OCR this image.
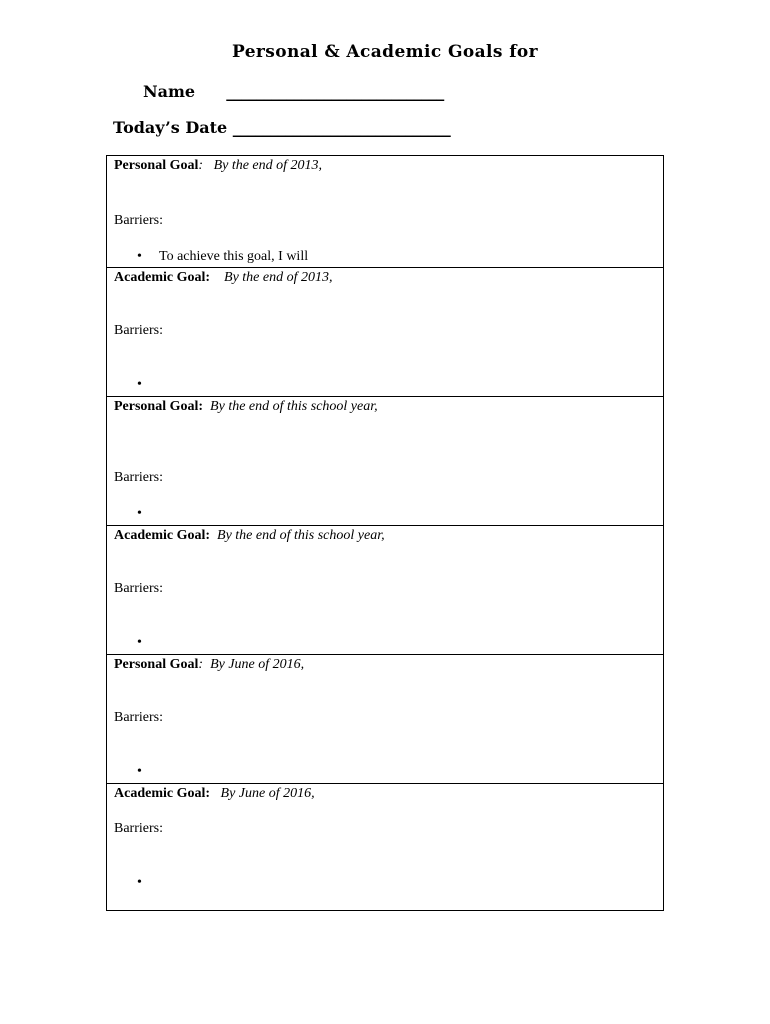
Personal & Academic Goals for
Name _____________________________
Today’s Date _____________________________
Personal Goal: By the end of 2013,
Barriers:
• To achieve this goal, I will
Academic Goal: By the end of 2013,
Barriers:
•
Personal Goal: By the end of this school year,
Barriers:
•
Academic Goal: By the end of this school year,
Barriers:
•
Personal Goal: By June of 2016,
Barriers:
•
Academic Goal: By June of 2016,
Barriers:
•
